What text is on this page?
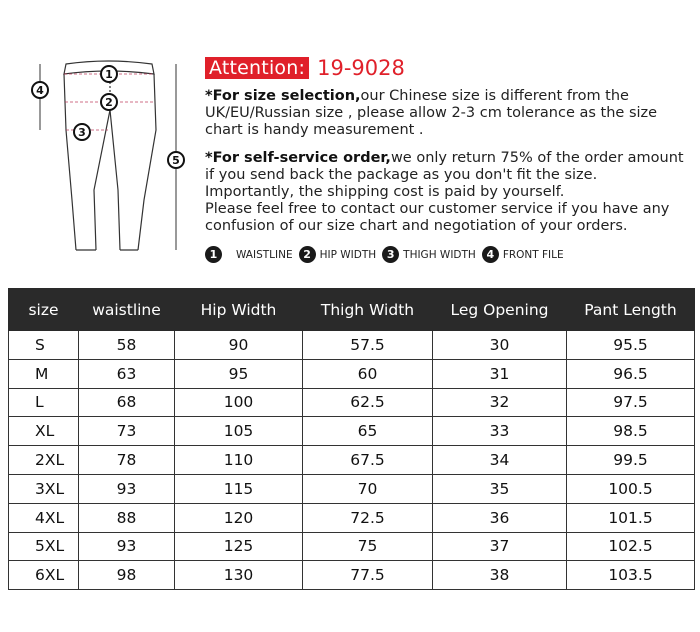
1
2
3
4
5
Attention: 19-9028
*For size selection,our Chinese size is different from the UK/EU/Russian size , please allow 2-3 cm tolerance as the size chart is handy measurement .
*For self-service order,we only return 75% of the order amount if you send back the package as you don't fit the size. Importantly, the shipping cost is paid by yourself.
Please feel free to contact our customer service if you have any confusion of our size chart and negotiation of your orders.
1	WAISTLINE 2 HIP WIDTH 3 THIGH WIDTH 4 FRONT FILE
size	waistline	Hip Width	Thigh Width	Leg Opening	Pant Length
S	58	90	57.5	30	95.5
M	63	95	60	31	96.5
L	68	100	62.5	32	97.5
XL	73	105	65	33	98.5
2XL	78	110	67.5	34	99.5
3XL	93	115	70	35	100.5
4XL	88	120	72.5	36	101.5
5XL	93	125	75	37	102.5
6XL	98	130	77.5	38	103.5
